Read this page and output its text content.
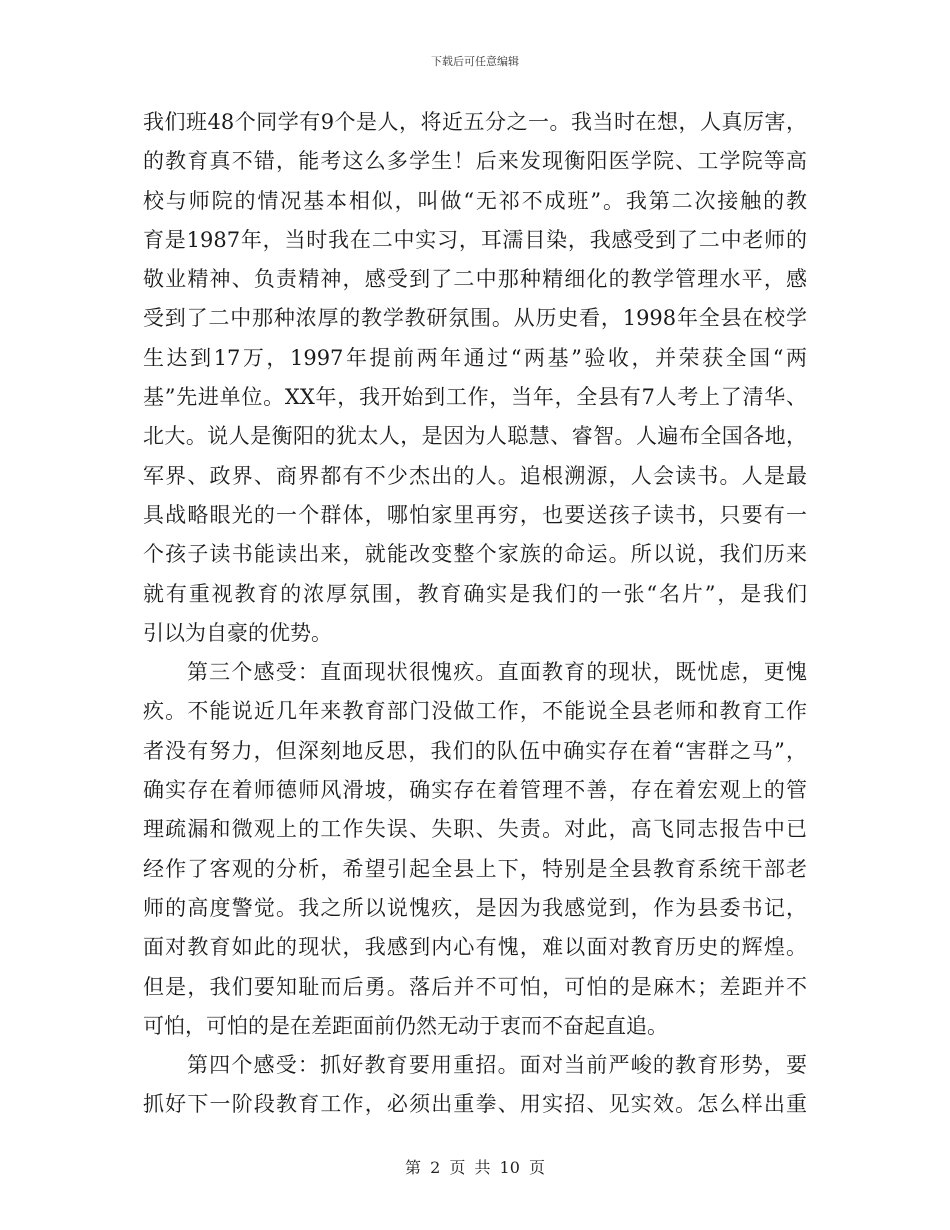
下载后可任意编辑
我们班48个同学有9个是人，将近五分之一。我当时在想，人真厉害，
的教育真不错，能考这么多学生！后来发现衡阳医学院、工学院等高
校与师院的情况基本相似，叫做“无祁不成班”。我第二次接触的教
育是1987年，当时我在二中实习，耳濡目染，我感受到了二中老师的
敬业精神、负责精神，感受到了二中那种精细化的教学管理水平，感
受到了二中那种浓厚的教学教研氛围。从历史看，1998年全县在校学
生达到17万，1997年提前两年通过“两基”验收，并荣获全国“两
基”先进单位。XX年，我开始到工作，当年，全县有7人考上了清华、
北大。说人是衡阳的犹太人，是因为人聪慧、睿智。人遍布全国各地，
军界、政界、商界都有不少杰出的人。追根溯源，人会读书。人是最
具战略眼光的一个群体，哪怕家里再穷，也要送孩子读书，只要有一
个孩子读书能读出来，就能改变整个家族的命运。所以说，我们历来
就有重视教育的浓厚氛围，教育确实是我们的一张“名片”，是我们
引以为自豪的优势。
第三个感受：直面现状很愧疚。直面教育的现状，既忧虑，更愧
疚。不能说近几年来教育部门没做工作，不能说全县老师和教育工作
者没有努力，但深刻地反思，我们的队伍中确实存在着“害群之马”，
确实存在着师德师风滑坡，确实存在着管理不善，存在着宏观上的管
理疏漏和微观上的工作失误、失职、失责。对此，高飞同志报告中已
经作了客观的分析，希望引起全县上下，特别是全县教育系统干部老
师的高度警觉。我之所以说愧疚，是因为我感觉到，作为县委书记，
面对教育如此的现状，我感到内心有愧，难以面对教育历史的辉煌。
但是，我们要知耻而后勇。落后并不可怕，可怕的是麻木；差距并不
可怕，可怕的是在差距面前仍然无动于衷而不奋起直追。
第四个感受：抓好教育要用重招。面对当前严峻的教育形势，要
抓好下一阶段教育工作，必须出重拳、用实招、见实效。怎么样出重
第 2 页 共 10 页
